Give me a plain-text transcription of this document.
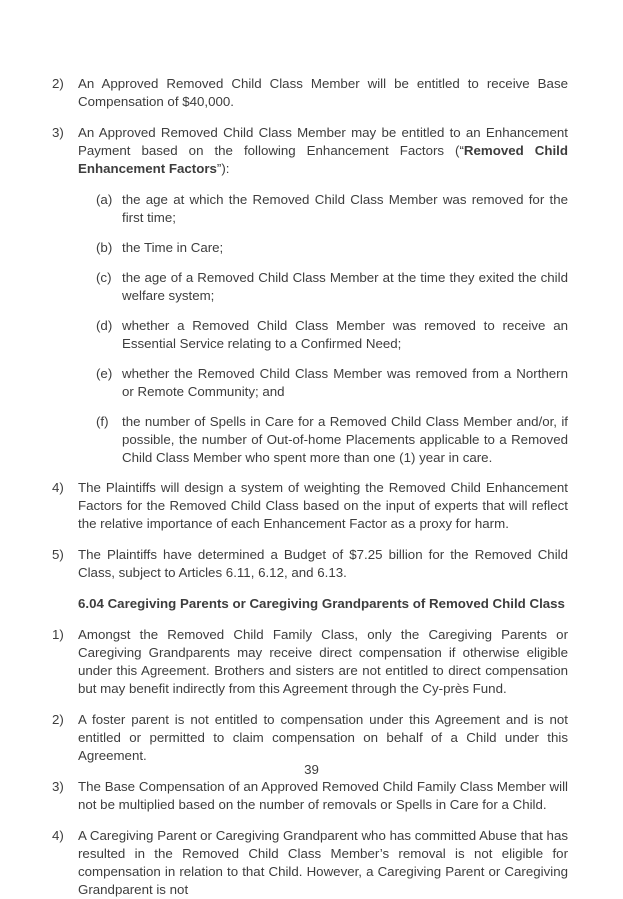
2)	An Approved Removed Child Class Member will be entitled to receive Base Compensation of $40,000.
3)	An Approved Removed Child Class Member may be entitled to an Enhancement Payment based on the following Enhancement Factors (“Removed Child Enhancement Factors”):
(a) the age at which the Removed Child Class Member was removed for the first time;
(b) the Time in Care;
(c) the age of a Removed Child Class Member at the time they exited the child welfare system;
(d) whether a Removed Child Class Member was removed to receive an Essential Service relating to a Confirmed Need;
(e) whether the Removed Child Class Member was removed from a Northern or Remote Community; and
(f)	the number of Spells in Care for a Removed Child Class Member and/or, if possible, the number of Out-of-home Placements applicable to a Removed Child Class Member who spent more than one (1) year in care.
4)	The Plaintiffs will design a system of weighting the Removed Child Enhancement Factors for the Removed Child Class based on the input of experts that will reflect the relative importance of each Enhancement Factor as a proxy for harm.
5)	The Plaintiffs have determined a Budget of $7.25 billion for the Removed Child Class, subject to Articles 6.11, 6.12, and 6.13.
6.04 Caregiving Parents or Caregiving Grandparents of Removed Child Class
1)	Amongst the Removed Child Family Class, only the Caregiving Parents or Caregiving Grandparents may receive direct compensation if otherwise eligible under this Agreement. Brothers and sisters are not entitled to direct compensation but may benefit indirectly from this Agreement through the Cy-près Fund.
2)	A foster parent is not entitled to compensation under this Agreement and is not entitled or permitted to claim compensation on behalf of a Child under this Agreement.
3)	The Base Compensation of an Approved Removed Child Family Class Member will not be multiplied based on the number of removals or Spells in Care for a Child.
4)	A Caregiving Parent or Caregiving Grandparent who has committed Abuse that has resulted in the Removed Child Class Member’s removal is not eligible for compensation in relation to that Child. However, a Caregiving Parent or Caregiving Grandparent is not
39
